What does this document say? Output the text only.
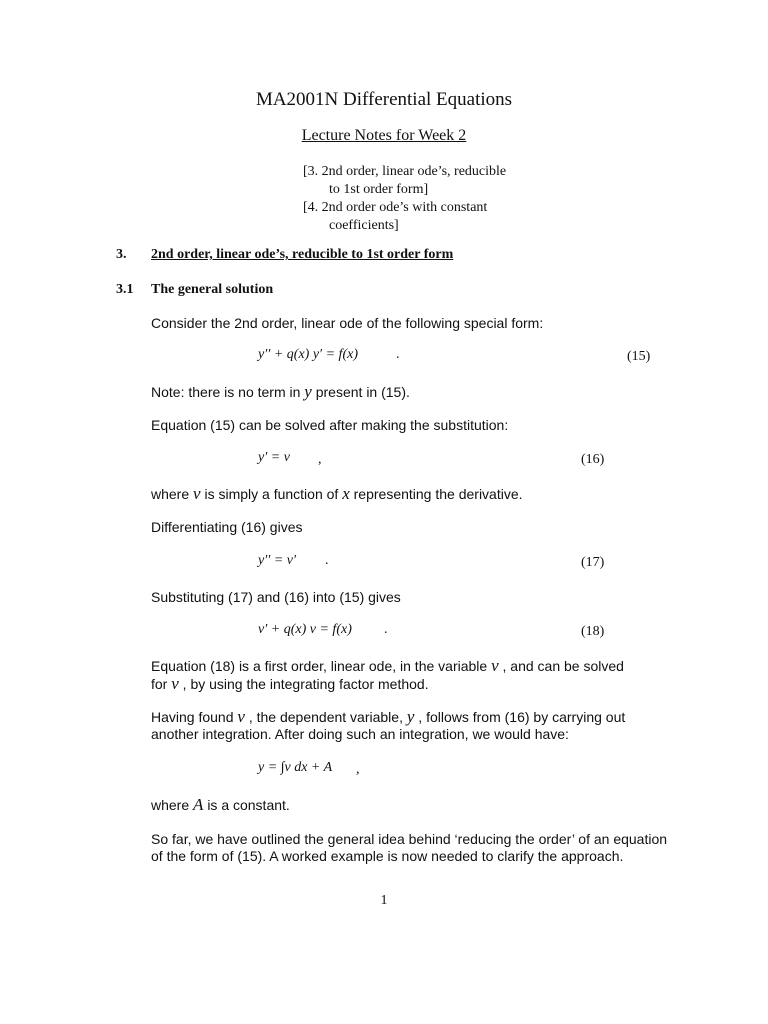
MA2001N Differential Equations
Lecture Notes for Week 2
[3. 2nd order, linear ode’s, reducible
to 1st order form]
[4. 2nd order ode’s with constant
coefficients]
3. 2nd order, linear ode’s, reducible to 1st order form
3.1 The general solution
Consider the 2nd order, linear ode of the following special form:
y′′ + q(x) y′ = f(x)	.	(15)
Note: there is no term in y present in (15).
Equation (15) can be solved after making the substitution:
y′ = v ,	(16)
where v is simply a function of x representing the derivative.
Differentiating (16) gives
y′′ = v′ .	(17)
Substituting (17) and (16) into (15) gives
v′ + q(x) v = f(x) .	(18)
Equation (18) is a first order, linear ode, in the variable v , and can be solved
for v , by using the integrating factor method.
Having found v , the dependent variable, y , follows from (16) by carrying out
another integration. After doing such an integration, we would have:
y = ∫v dx + A ,
where A is a constant.
So far, we have outlined the general idea behind ‘reducing the order’ of an equation
of the form of (15). A worked example is now needed to clarify the approach.
1
